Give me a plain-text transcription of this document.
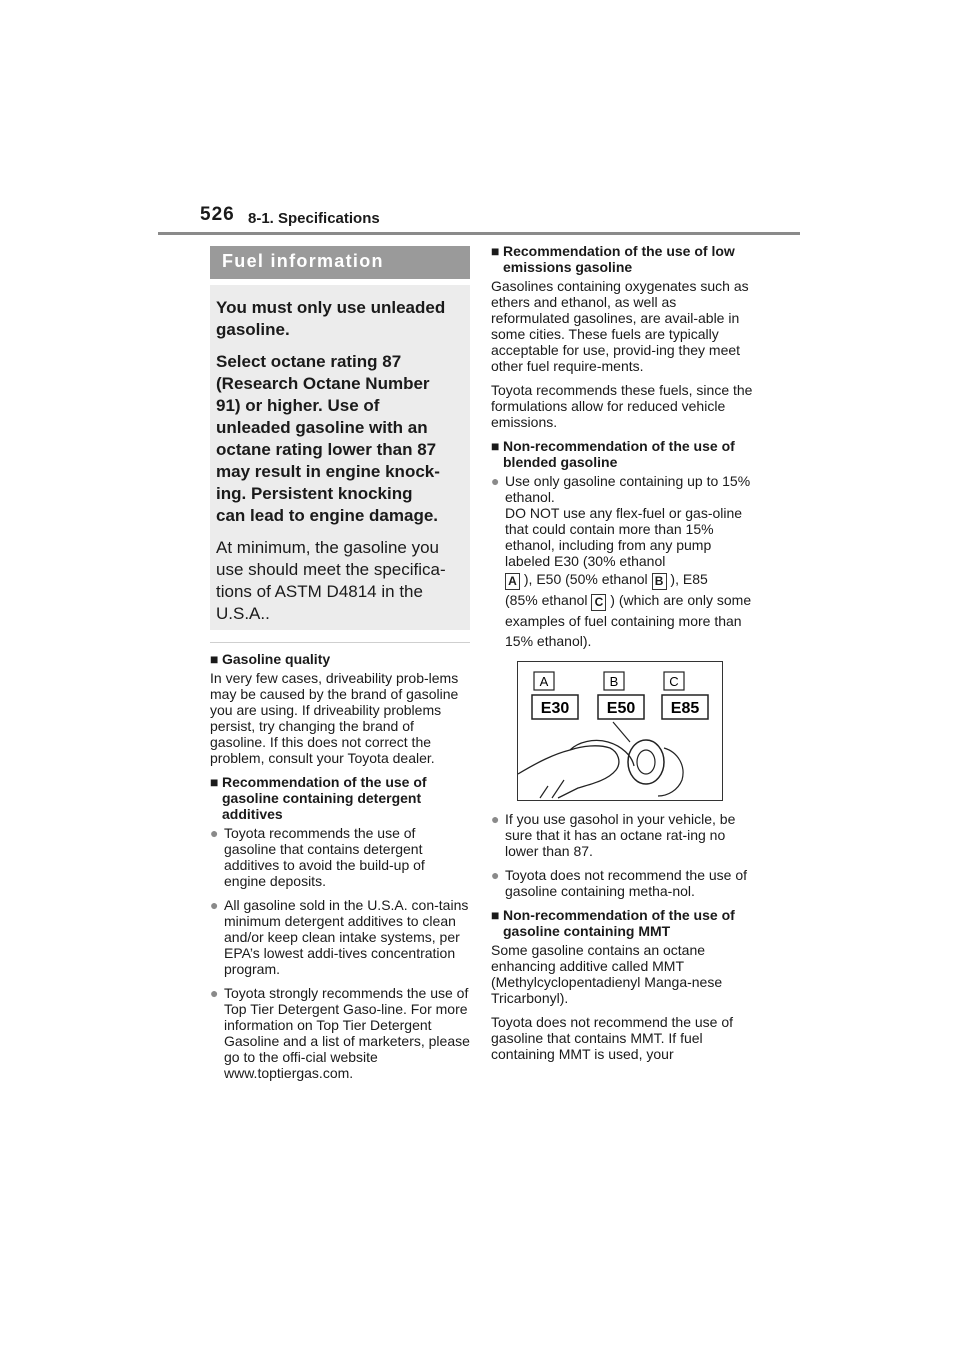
526 8-1. Specifications
Fuel information

You must only use unleaded

gasoline.

Select octane rating 87

(Research Octane Number

91) or higher. Use of

unleaded gasoline with an

octane rating lower than 87

may result in engine knock-

ing. Persistent knocking

can lead to engine damage.

At minimum, the gasoline you

use should meet the specifica-

tions of ASTM D4814 in the

U.S.A..

■ Gasoline quality

In very few cases, driveability prob-lems may be caused by the brand of gasoline you are using. If driveability problems persist, try changing the brand of gasoline. If this does not correct the problem, consult your Toyota dealer.

■ Recommendation of the use of gasoline containing detergent additives

● Toyota recommends the use of gasoline that contains detergent additives to avoid the build-up of engine deposits.

● All gasoline sold in the U.S.A. con-tains minimum detergent additives to clean and/or keep clean intake systems, per EPA’s lowest addi-tives concentration program.

● Toyota strongly recommends the use of Top Tier Detergent Gaso-line. For more information on Top Tier Detergent Gasoline and a list of marketers, please go to the offi-cial website www.toptiergas.com.

■ Recommendation of the use of low emissions gasoline

Gasolines containing oxygenates such as ethers and ethanol, as well as reformulated gasolines, are avail-able in some cities. These fuels are typically acceptable for use, provid-ing they meet other fuel require-ments.

Toyota recommends these fuels, since the formulations allow for reduced vehicle emissions.

■ Non-recommendation of the use of blended gasoline

● Use only gasoline containing up to 15% ethanol.
DO NOT use any flex-fuel or gas-oline that could contain more than 15% ethanol, including from any pump labeled E30 (30% ethanol
A ), E50 (50% ethanol B ), E85
(85% ethanol C ) (which are only some examples of fuel containing more than 15% ethanol).
A	B	C
E30 E50 E85

● If you use gasohol in your vehicle, be sure that it has an octane rat-ing no lower than 87.

● Toyota does not recommend the use of gasoline containing metha-nol.

■ Non-recommendation of the use of gasoline containing MMT

Some gasoline contains an octane enhancing additive called MMT (Methylcyclopentadienyl Manga-nese Tricarbonyl).

Toyota does not recommend the use of gasoline that contains MMT. If fuel containing MMT is used, your
